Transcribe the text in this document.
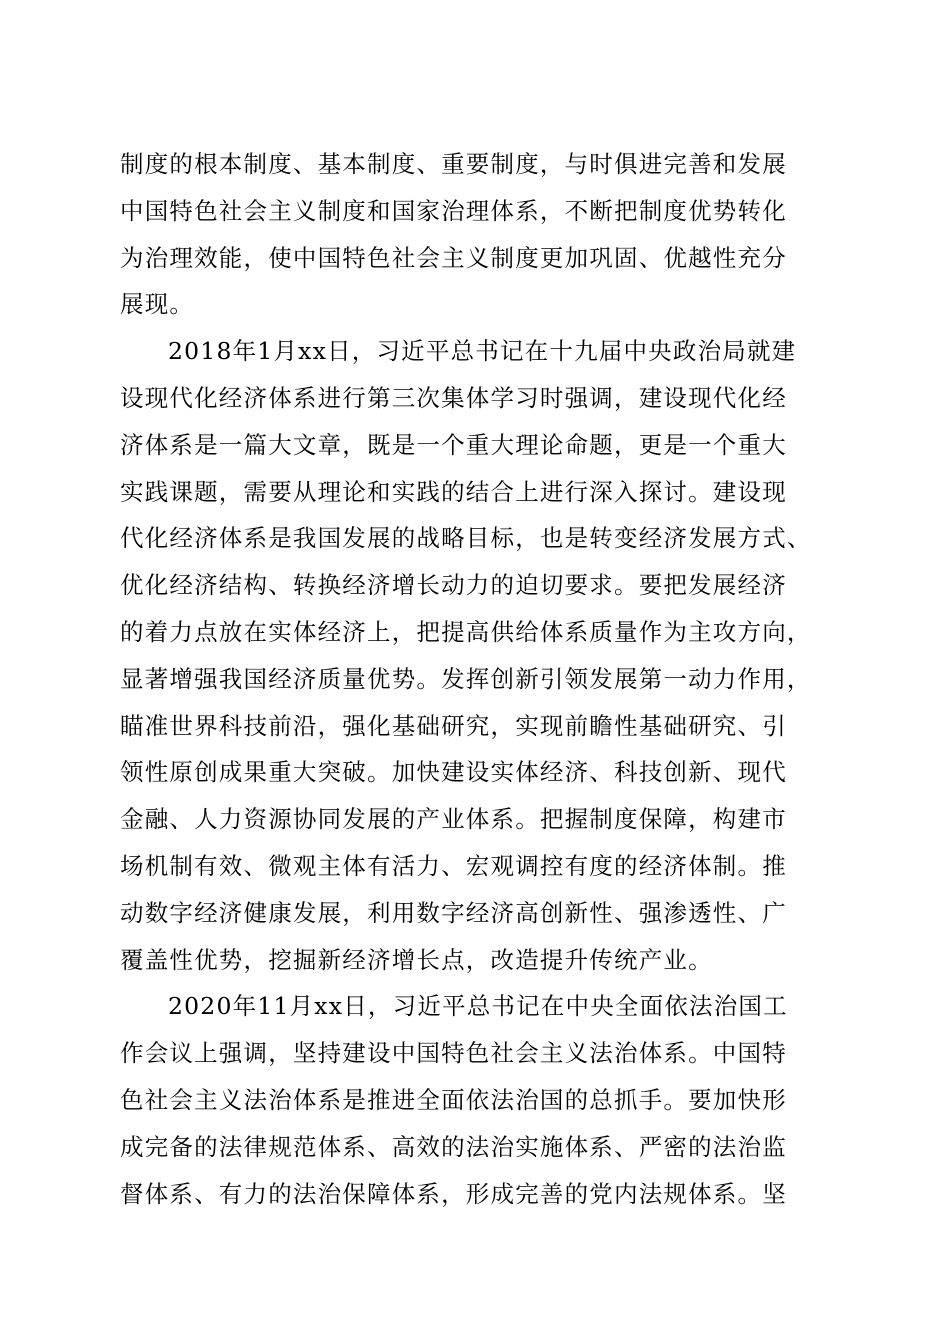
制度的根本制度、基本制度、重要制度，与时俱进完善和发展
中国特色社会主义制度和国家治理体系，不断把制度优势转化
为治理效能，使中国特色社会主义制度更加巩固、优越性充分
展现。
2018年1月xx日，习近平总书记在十九届中央政治局就建
设现代化经济体系进行第三次集体学习时强调，建设现代化经
济体系是一篇大文章，既是一个重大理论命题，更是一个重大
实践课题，需要从理论和实践的结合上进行深入探讨。建设现
代化经济体系是我国发展的战略目标，也是转变经济发展方式、
优化经济结构、转换经济增长动力的迫切要求。要把发展经济
的着力点放在实体经济上，把提高供给体系质量作为主攻方向，
显著增强我国经济质量优势。发挥创新引领发展第一动力作用，
瞄准世界科技前沿，强化基础研究，实现前瞻性基础研究、引
领性原创成果重大突破。加快建设实体经济、科技创新、现代
金融、人力资源协同发展的产业体系。把握制度保障，构建市
场机制有效、微观主体有活力、宏观调控有度的经济体制。推
动数字经济健康发展，利用数字经济高创新性、强渗透性、广
覆盖性优势，挖掘新经济增长点，改造提升传统产业。
2020年11月xx日，习近平总书记在中央全面依法治国工
作会议上强调，坚持建设中国特色社会主义法治体系。中国特
色社会主义法治体系是推进全面依法治国的总抓手。要加快形
成完备的法律规范体系、高效的法治实施体系、严密的法治监
督体系、有力的法治保障体系，形成完善的党内法规体系。坚
